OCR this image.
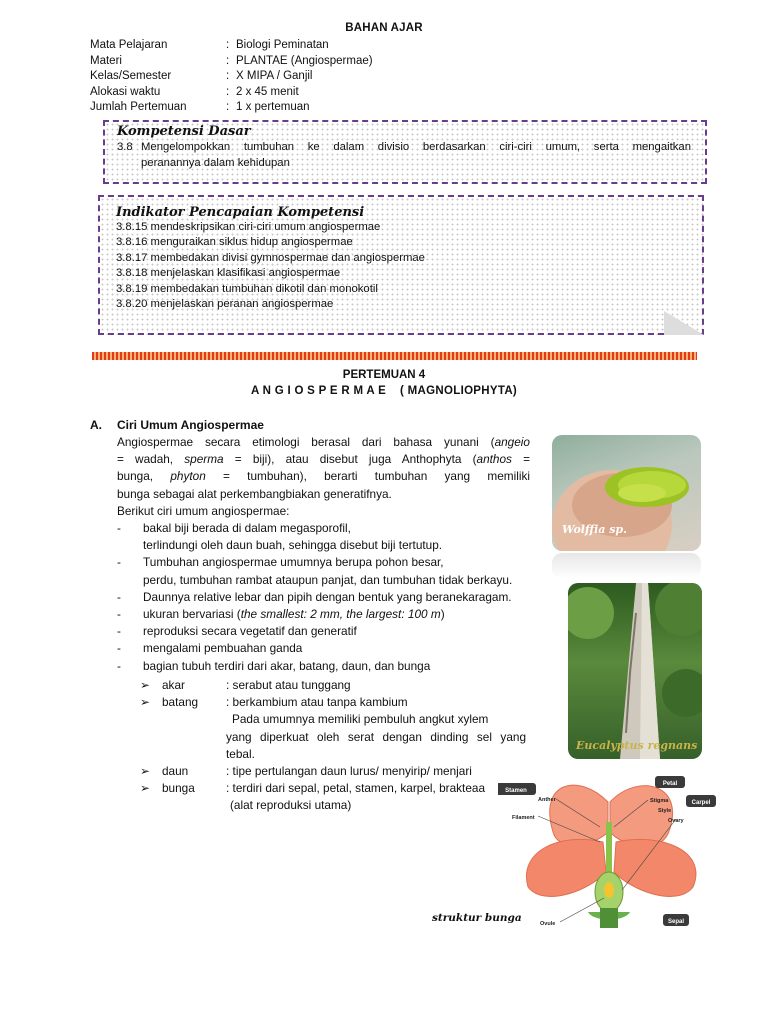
BAHAN AJAR
Mata Pelajaran	: Biologi Peminatan
Materi	: PLANTAE (Angiospermae)
Kelas/Semester	: X MIPA / Ganjil
Alokasi waktu	: 2 x 45 menit
Jumlah Pertemuan	: 1 x pertemuan
Kompetensi Dasar
3.8 Mengelompokkan tumbuhan ke dalam divisio berdasarkan ciri-ciri umum, serta mengaitkan
peranannya dalam kehidupan
Indikator Pencapaian Kompetensi
3.8.15 mendeskripsikan ciri-ciri umum angiospermae
3.8.16 menguraikan siklus hidup angiospermae
3.8.17 membedakan divisi gymnospermae dan angiospermae
3.8.18 menjelaskan klasifikasi angiospermae
3.8.19 membedakan tumbuhan dikotil dan monokotil
3.8.20 menjelaskan peranan angiospermae
PERTEMUAN 4
A N G I O S P E R M A E    ( MAGNOLIOPHYTA)
A. Ciri Umum Angiospermae
Angiospermae secara etimologi berasal dari bahasa yunani (angeio
= wadah, sperma = biji), atau disebut juga Anthophyta (anthos =
bunga, phyton = tumbuhan), berarti tumbuhan yang memiliki
bunga sebagai alat perkembangbiakan generatifnya.
Berikut ciri umum angiospermae:
-	bakal biji berada di dalam megasporofil,
terlindungi oleh daun buah, sehingga disebut biji tertutup.
-	Tumbuhan angiospermae umumnya berupa pohon besar,
perdu, tumbuhan rambat ataupun panjat, dan tumbuhan tidak berkayu.
-	Daunnya relative lebar dan pipih dengan bentuk yang beranekaragam.
-	ukuran bervariasi (the smallest: 2 mm, the largest: 100 m)
-	reproduksi secara vegetatif dan generatif
-	mengalami pembuahan ganda
-	bagian tubuh terdiri dari akar, batang, daun, dan bunga
➢	akar	: serabut atau tunggang
➢	batang	: berkambium atau tanpa kambium
Pada umumnya memiliki pembuluh angkut xylem
yang diperkuat oleh serat dengan dinding sel yang
tebal.
➢	daun	: tipe pertulangan daun lurus/ menyirip/ menjari
➢	bunga	: terdiri dari sepal, petal, stamen, karpel, brakteaa
(alat reproduksi utama)
Wolffia sp.
Eucalyptus regnans
Stamen
Petal
Carpel
Sepal
Anther
Filament
Stigma
Style
Ovary
Ovule
struktur bunga
